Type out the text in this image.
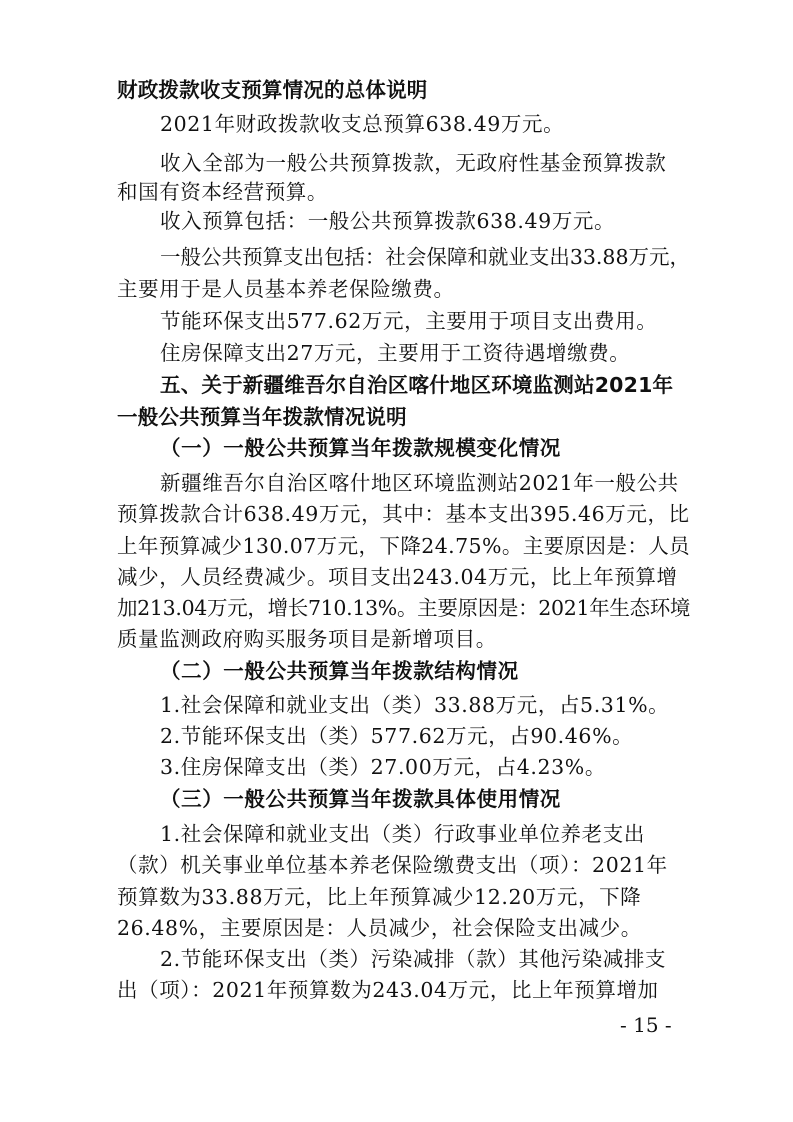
财政拨款收支预算情况的总体说明
2021年财政拨款收支总预算638.49万元。
收入全部为一般公共预算拨款，无政府性基金预算拨款
和国有资本经营预算。
收入预算包括：一般公共预算拨款638.49万元。
一般公共预算支出包括：社会保障和就业支出33.88万元，
主要用于是人员基本养老保险缴费。
节能环保支出577.62万元，主要用于项目支出费用。
住房保障支出27万元，主要用于工资待遇增缴费。
五、关于新疆维吾尔自治区喀什地区环境监测站2021年
一般公共预算当年拨款情况说明
（一）一般公共预算当年拨款规模变化情况
新疆维吾尔自治区喀什地区环境监测站2021年一般公共
预算拨款合计638.49万元，其中：基本支出395.46万元，比
上年预算减少130.07万元，下降24.75%。主要原因是：人员
减少，人员经费减少。项目支出243.04万元，比上年预算增
加213.04万元，增长710.13%。主要原因是：2021年生态环境
质量监测政府购买服务项目是新增项目。
（二）一般公共预算当年拨款结构情况
1.社会保障和就业支出（类）33.88万元，占5.31%。
2.节能环保支出（类）577.62万元，占90.46%。
3.住房保障支出（类）27.00万元，占4.23%。
（三）一般公共预算当年拨款具体使用情况
1.社会保障和就业支出（类）行政事业单位养老支出
（款）机关事业单位基本养老保险缴费支出（项）：2021年
预算数为33.88万元，比上年预算减少12.20万元，下降
26.48%，主要原因是：人员减少，社会保险支出减少。
2.节能环保支出（类）污染减排（款）其他污染减排支
出（项）：2021年预算数为243.04万元，比上年预算增加
- 15 -
